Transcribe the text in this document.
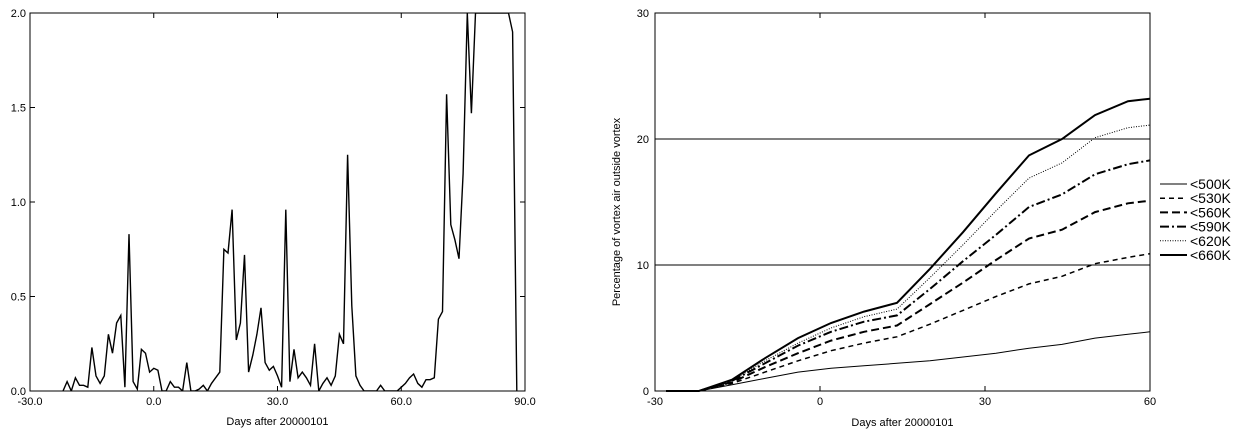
-30.0	0.0	30.0	60.0	90.0
0.0
0.5
1.0
1.5
2.0
Days after 20000101
-30	0	30	60
0
10
20
30
Days after 20000101
Percentage of vortex air outside vortex	<500K
<530K
<560K
<590K
<620K
<660K
